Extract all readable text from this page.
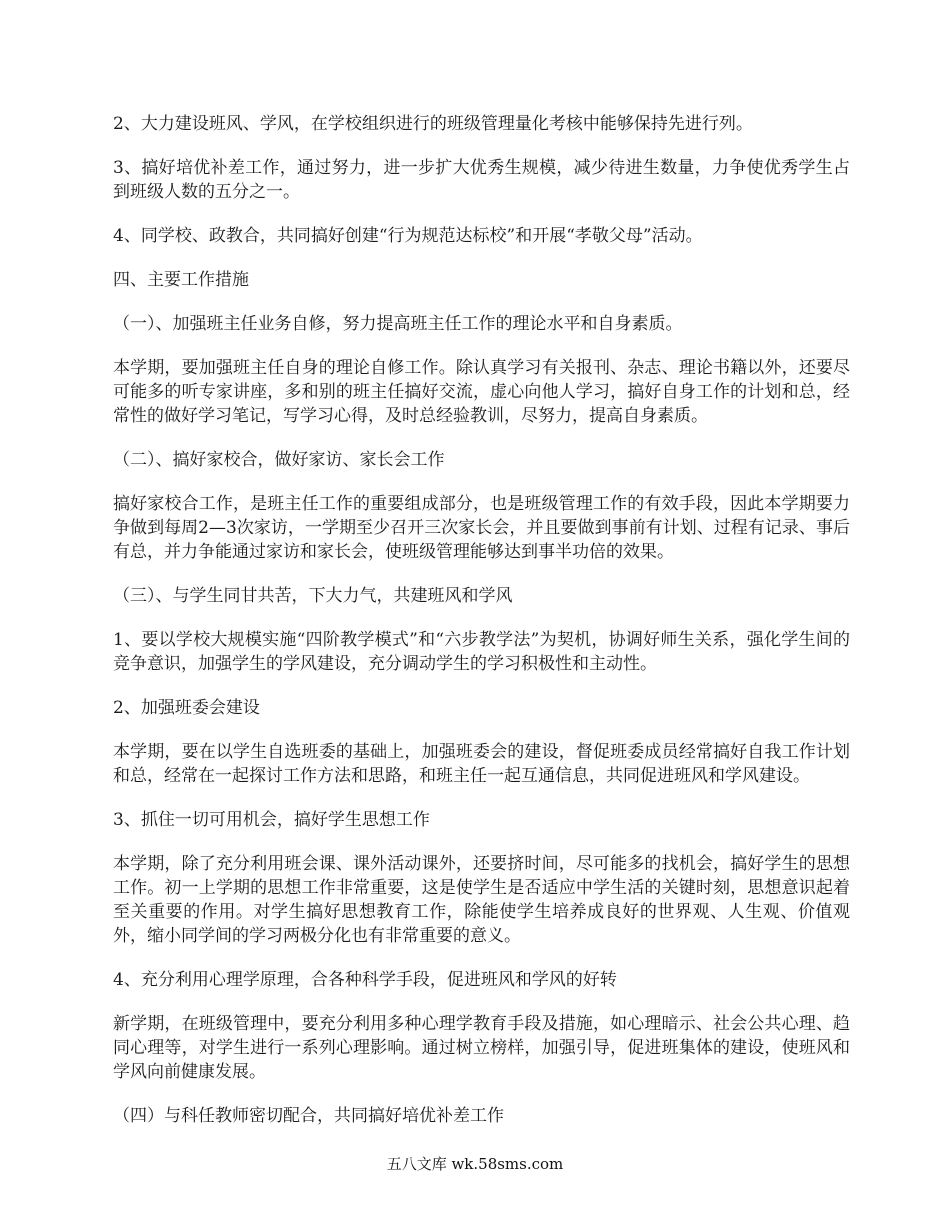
2、大力建设班风、学风，在学校组织进行的班级管理量化考核中能够保持先进行列。

3、搞好培优补差工作，通过努力，进一步扩大优秀生规模，减少待进生数量，力争使优秀学生占到班级人数的五分之一。

4、同学校、政教合，共同搞好创建“行为规范达标校”和开展“孝敬父母”活动。

四、主要工作措施

（一）、加强班主任业务自修，努力提高班主任工作的理论水平和自身素质。

本学期，要加强班主任自身的理论自修工作。除认真学习有关报刊、杂志、理论书籍以外，还要尽可能多的听专家讲座，多和别的班主任搞好交流，虚心向他人学习，搞好自身工作的计划和总，经常性的做好学习笔记，写学习心得，及时总经验教训，尽努力，提高自身素质。

（二）、搞好家校合，做好家访、家长会工作

搞好家校合工作，是班主任工作的重要组成部分，也是班级管理工作的有效手段，因此本学期要力争做到每周2—3次家访，一学期至少召开三次家长会，并且要做到事前有计划、过程有记录、事后有总，并力争能通过家访和家长会，使班级管理能够达到事半功倍的效果。

（三）、与学生同甘共苦，下大力气，共建班风和学风

1、要以学校大规模实施“四阶教学模式”和“六步教学法”为契机，协调好师生关系，强化学生间的竞争意识，加强学生的学风建设，充分调动学生的学习积极性和主动性。

2、加强班委会建设

本学期，要在以学生自选班委的基础上，加强班委会的建设，督促班委成员经常搞好自我工作计划和总，经常在一起探讨工作方法和思路，和班主任一起互通信息，共同促进班风和学风建设。

3、抓住一切可用机会，搞好学生思想工作

本学期，除了充分利用班会课、课外活动课外，还要挤时间，尽可能多的找机会，搞好学生的思想工作。初一上学期的思想工作非常重要，这是使学生是否适应中学生活的关键时刻，思想意识起着至关重要的作用。对学生搞好思想教育工作，除能使学生培养成良好的世界观、人生观、价值观外，缩小同学间的学习两极分化也有非常重要的意义。

4、充分利用心理学原理，合各种科学手段，促进班风和学风的好转

新学期，在班级管理中，要充分利用多种心理学教育手段及措施，如心理暗示、社会公共心理、趋同心理等，对学生进行一系列心理影响。通过树立榜样，加强引导，促进班集体的建设，使班风和学风向前健康发展。

（四）与科任教师密切配合，共同搞好培优补差工作

五八文库 wk.58sms.com
